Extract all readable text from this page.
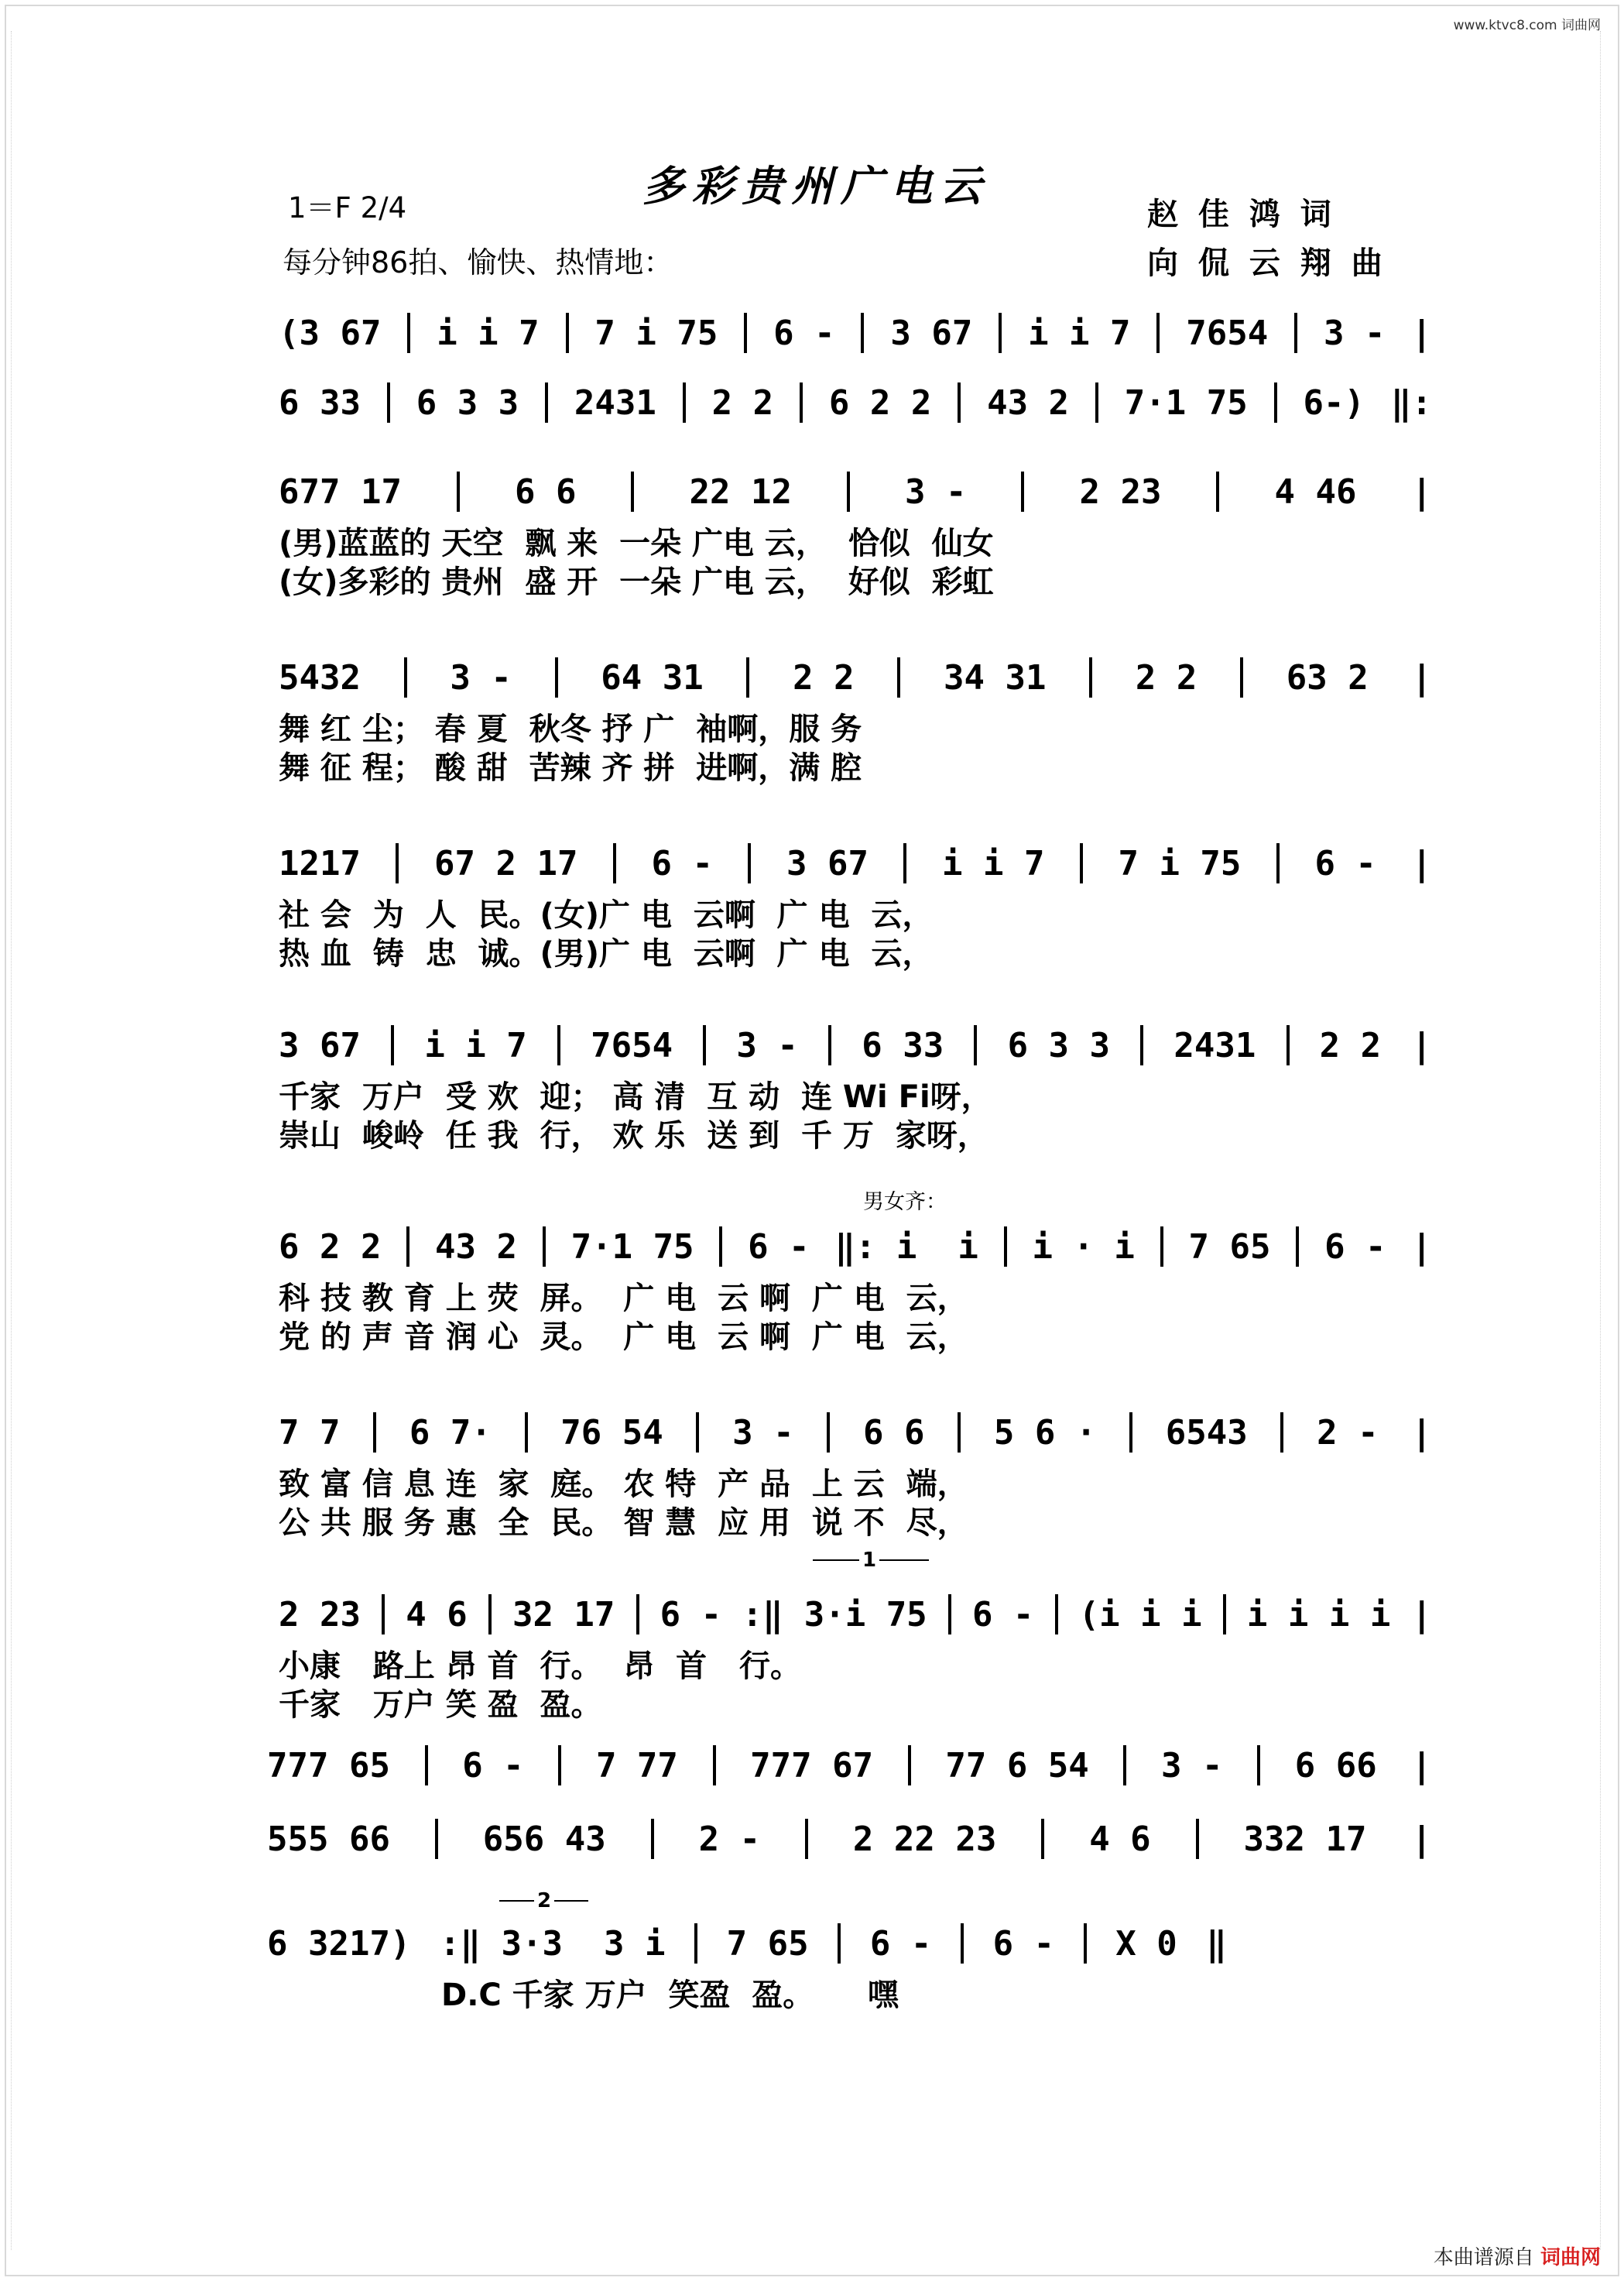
www.ktvc8.com 词曲网
多彩贵州广电云
1＝F 2/4
每分钟86拍、愉快、热情地：
赵 佳 鸿 词
向 侃 云 翔 曲
(3 67 i i 7 7 i 75 6 - 3 67 i i 7 7654 3 - |
6 33 6 3 3 2431 2 2 6 2 2 43 2 7·1 75 6-) ‖:
677 17	6 6	22 12	3 -	2 23	4 46 |
(男)蓝蓝的 天空  飘 来  一朵 广电 云，  恰似  仙女
(女)多彩的 贵州  盛 开  一朵 广电 云，  好似  彩虹
5432	3 -	64 31	2 2	34 31	2 2	63 2 |
舞 红 尘； 春 夏  秋冬 抒 广  袖啊，服 务
舞 征 程； 酸 甜  苦辣 齐 拼  进啊，满 腔
1217 67 2 17 6 - 3 67 i i 7 7 i 75 6 - |
社 会  为  人  民。(女)广 电  云啊  广 电  云，
热 血  铸  忠  诚。(男)广 电  云啊  广 电  云，
3 67 i i 7 7654 3 - 6 33 6 3 3 2431 2 2 |
千家  万户  受 欢  迎； 高 清  互 动  连 Wi Fi呀，
崇山  峻岭  任 我  行， 欢 乐  送 到  千 万  家呀，
男女齐：
6 2 2 43 2 7·1 75 6 - ‖: i  i i · i 7 65 6 - |
科 技 教 育 上 荧  屏。  广 电  云 啊  广 电  云，
党 的 声 音 润 心  灵。  广 电  云 啊  广 电  云，
7 7 6 7· 76 54 3 - 6 6 5 6 · 6543 2 - |
致 富 信 息 连  家  庭。 农 特  产 品  上 云  端，
公 共 服 务 惠  全  民。 智 慧  应 用  说 不  尽，
1
2 23 4 6 32 17 6 - :‖ 3·i 75 6 - (i i i i i i i |
小康   路上 昂 首  行。  昂  首   行。
千家   万户 笑 盈  盈。
777 65 6 - 7 77 777 67 77 6 54 3 - 6 66 |
555 66	656 43	2 -	2 22 23	4 6	332 17 |
2
6 3217) :‖ 3·3  3 i 7 65 6 - 6 - X 0 ‖
D.C 千家 万户  笑盈  盈。     嘿
本曲谱源自 词曲网
